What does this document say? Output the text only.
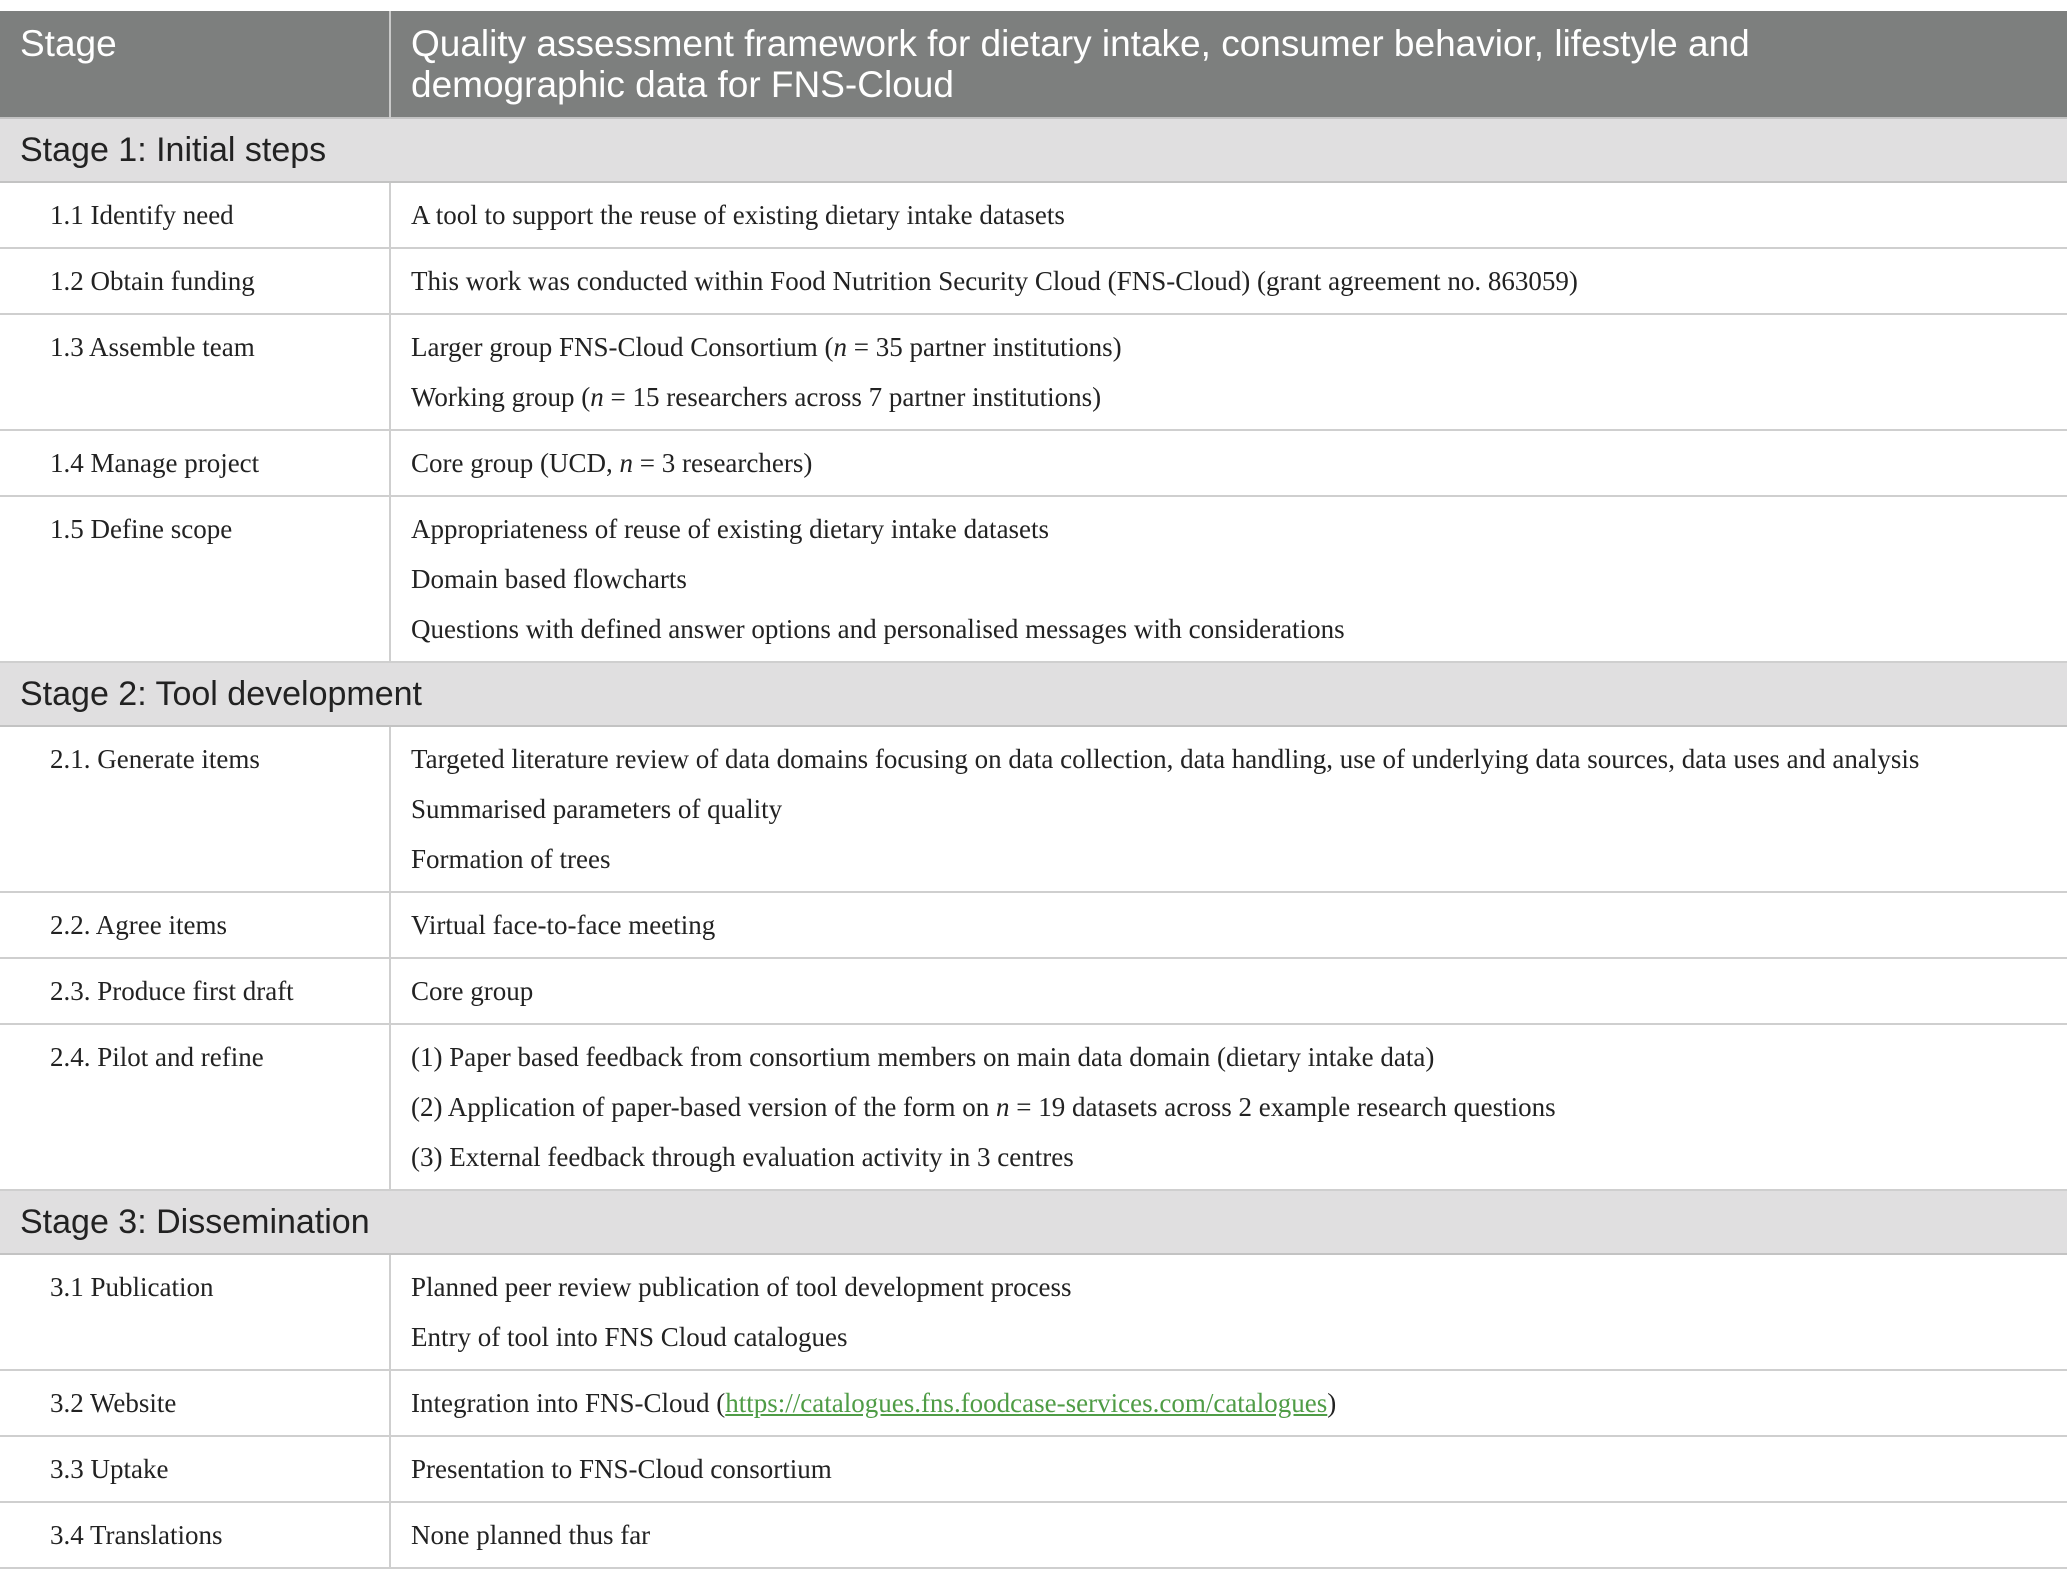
Stage	Quality assessment framework for dietary intake, consumer behavior, lifestyle and
demographic data for FNS-Cloud

Stage 1: Initial steps	
1.1 Identify need	A tool to support the reuse of existing dietary intake datasets

1.2 Obtain funding	This work was conducted within Food Nutrition Security Cloud (FNS-Cloud) (grant agreement no. 863059)

1.3 Assemble team	Larger group FNS-Cloud Consortium (n = 35 partner institutions)
Working group (n = 15 researchers across 7 partner institutions)

1.4 Manage project	Core group (UCD, n = 3 researchers)

1.5 Define scope	Appropriateness of reuse of existing dietary intake datasets
Domain based flowcharts
Questions with defined answer options and personalised messages with considerations

Stage 2: Tool development	
2.1. Generate items	Targeted literature review of data domains focusing on data collection, data handling, use of underlying data sources, data uses and analysis
Summarised parameters of quality
Formation of trees

2.2. Agree items	Virtual face-to-face meeting

2.3. Produce first draft	Core group

2.4. Pilot and refine	(1) Paper based feedback from consortium members on main data domain (dietary intake data)
(2) Application of paper-based version of the form on n = 19 datasets across 2 example research questions
(3) External feedback through evaluation activity in 3 centres

Stage 3: Dissemination	
3.1 Publication	Planned peer review publication of tool development process
Entry of tool into FNS Cloud catalogues

3.2 Website	Integration into FNS-Cloud (https://catalogues.fns.foodcase-services.com/catalogues)

3.3 Uptake	Presentation to FNS-Cloud consortium

3.4 Translations	None planned thus far
